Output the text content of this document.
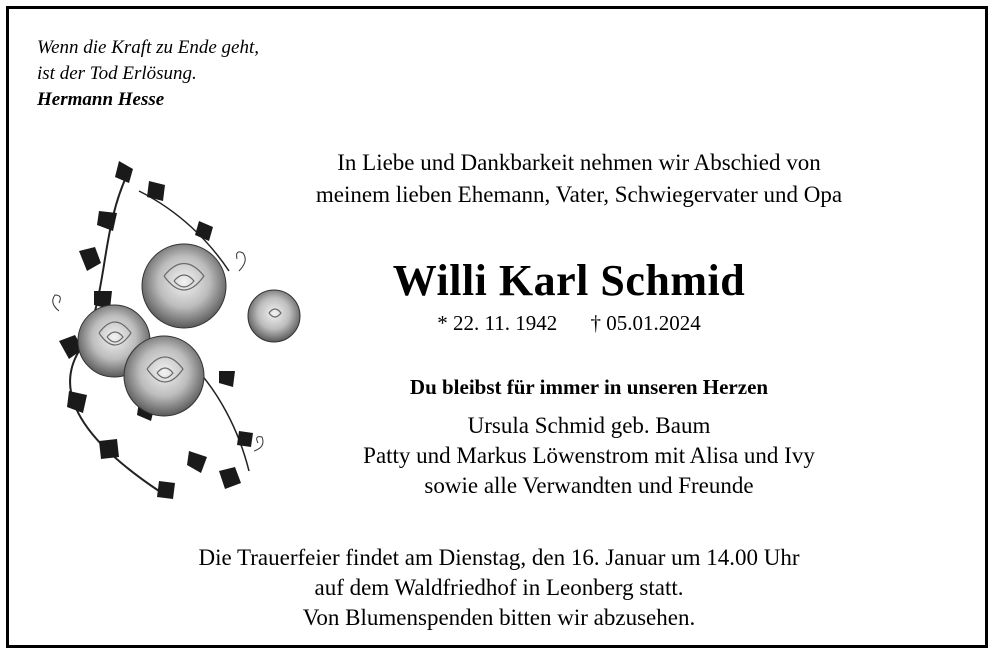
Wenn die Kraft zu Ende geht,
ist der Tod Erlösung.
Hermann Hesse
In Liebe und Dankbarkeit nehmen wir Abschied von
meinem lieben Ehemann, Vater, Schwiegervater und Opa
Willi Karl Schmid
* 22. 11. 1942 † 05.01.2024
Du bleibst für immer in unseren Herzen
Ursula Schmid geb. Baum
Patty und Markus Löwenstrom mit Alisa und Ivy
sowie alle Verwandten und Freunde
Die Trauerfeier findet am Dienstag, den 16. Januar um 14.00 Uhr
auf dem Waldfriedhof in Leonberg statt.
Von Blumenspenden bitten wir abzusehen.
